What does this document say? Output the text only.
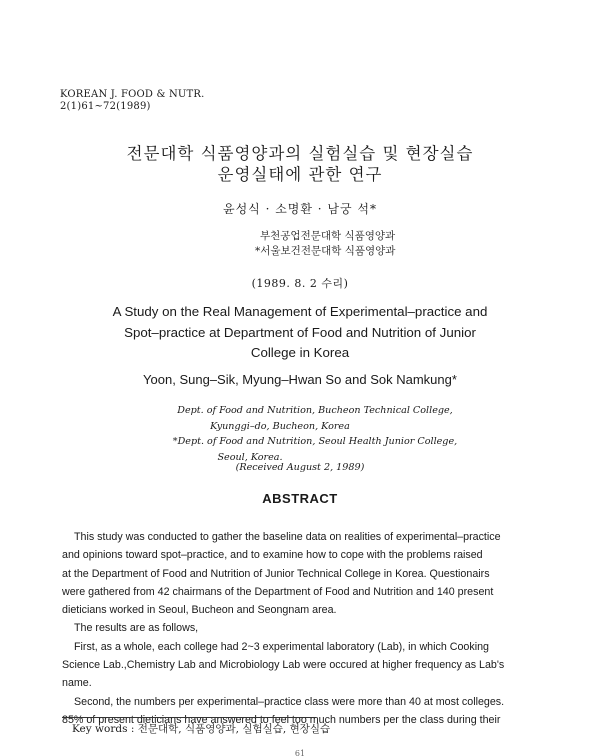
KOREAN J. FOOD & NUTR.
2(1)61~72(1989)
전문대학 식품영양과의 실험실습 및 현장실습
운영실태에 관한 연구
윤성식 · 소명환 · 남궁 석*
부천공업전문대학 식품영양과
*서울보건전문대학 식품영양과
(1989. 8. 2 수리)
A Study on the Real Management of Experimental–practice and
Spot–practice at Department of Food and Nutrition of Junior
College in Korea
Yoon, Sung–Sik, Myung–Hwan So and Sok Namkung*
Dept. of Food and Nutrition, Bucheon Technical College,
Kyunggi–do, Bucheon, Korea
*Dept. of Food and Nutrition, Seoul Health Junior College,
Seoul, Korea.
(Received August 2, 1989)
ABSTRACT
This study was conducted to gather the baseline data on realities of experimental–practice
and opinions toward spot–practice, and to examine how to cope with the problems raised
at the Department of Food and Nutrition of Junior Technical College in Korea. Questionairs
were gathered from 42 chairmans of the Department of Food and Nutrition and 140 present
dieticians worked in Seoul, Bucheon and Seongnam area.
The results are as follows,
First, as a whole, each college had 2~3 experimental laboratory (Lab), in which Cooking
Science Lab.,Chemistry Lab and Microbiology Lab were occured at higher frequency as Lab's
name.
Second, the numbers per experimental–practice class were more than 40 at most colleges.
85% of present dieticians have answered to feel too much numbers per the class during their
Key words : 전문대학, 식품영양과, 실험실습, 현장실습
61
